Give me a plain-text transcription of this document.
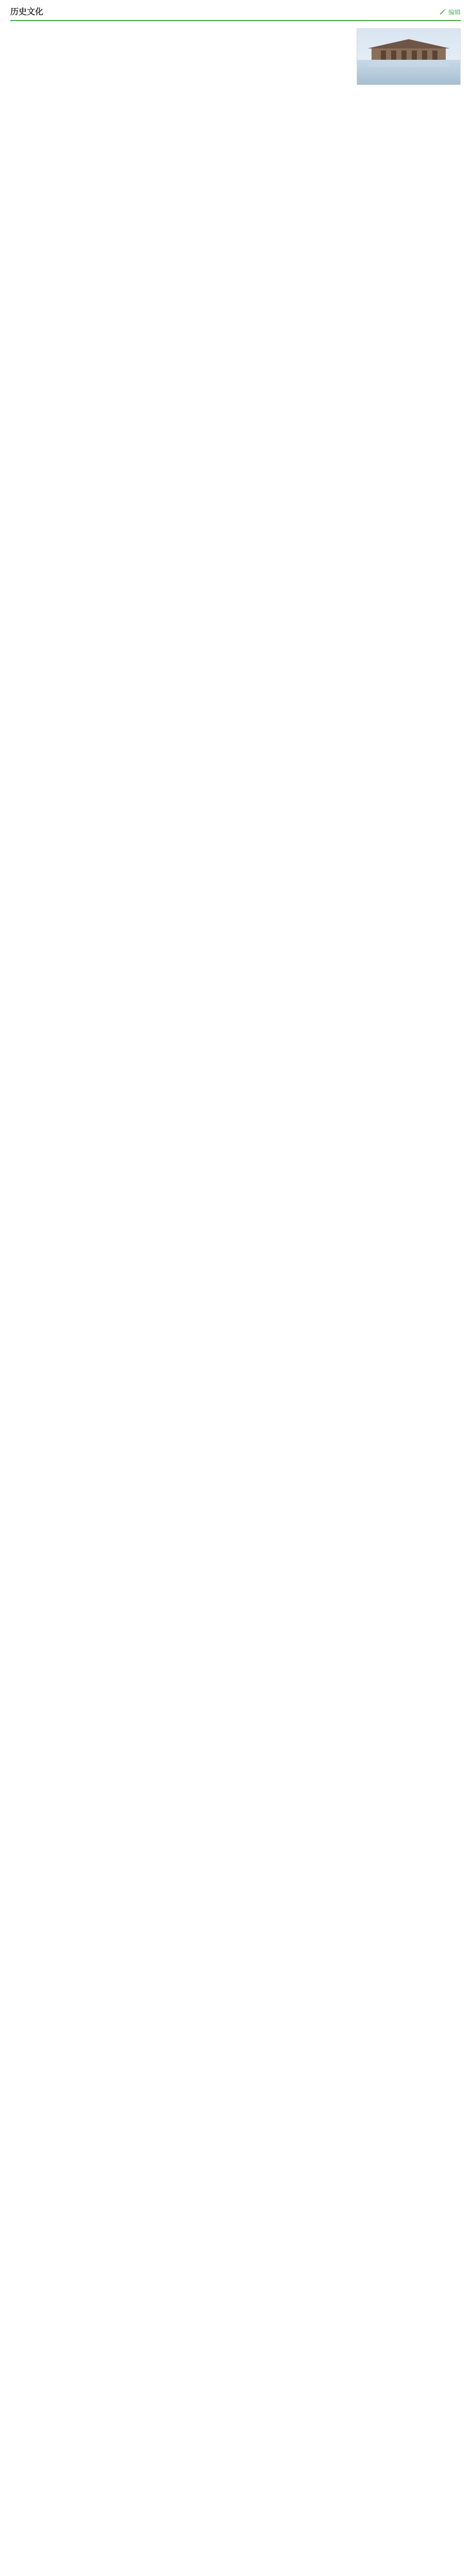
历史文化	编辑
